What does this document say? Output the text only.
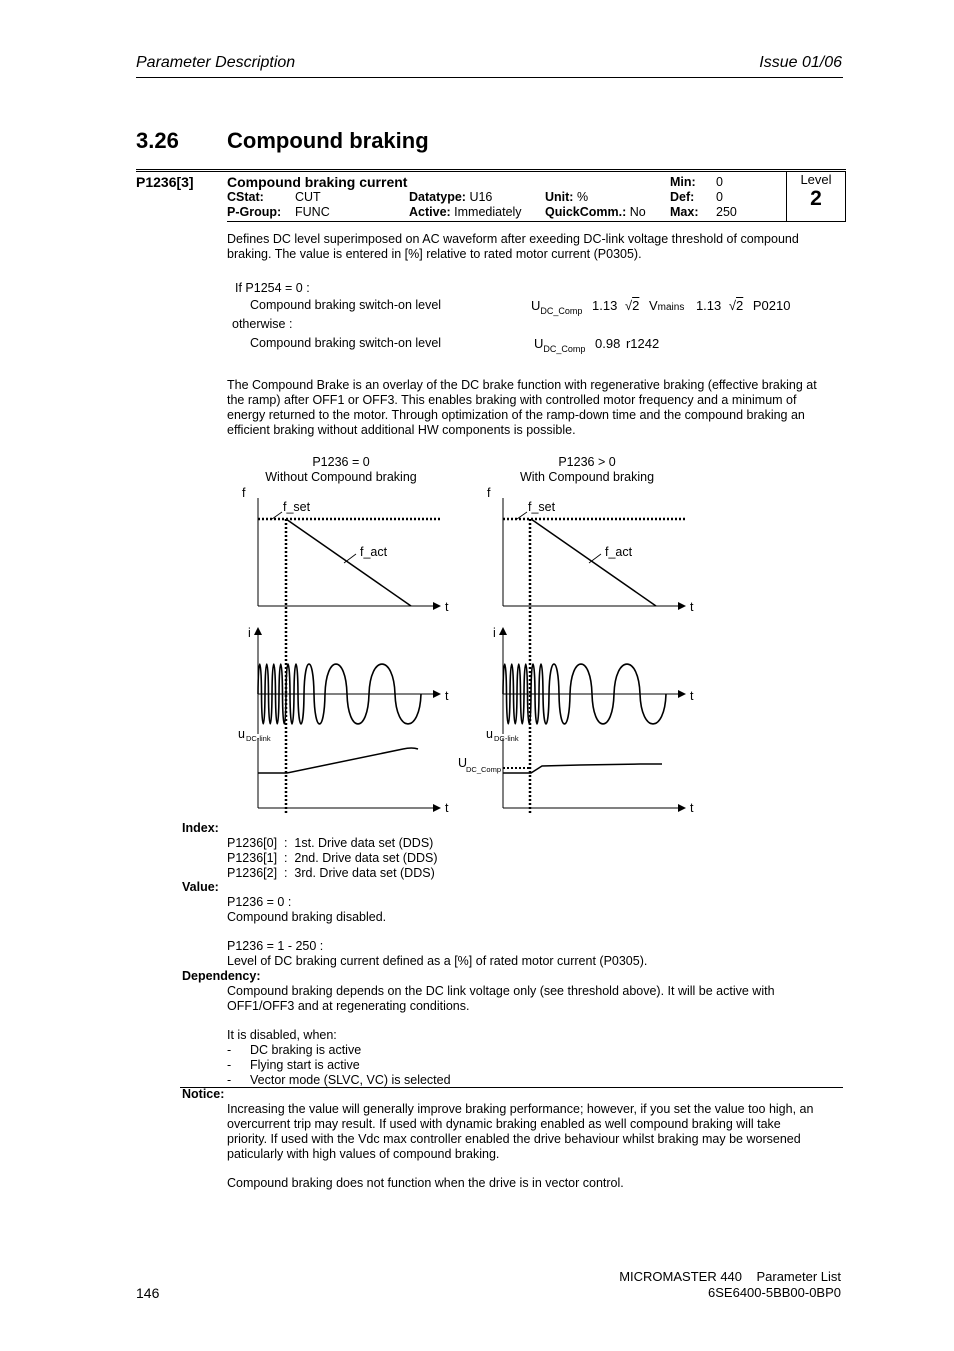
Parameter Description	Issue 01/06
3.26 Compound braking
P1236[3] Compound braking current
CStat: CUT
P-Group: FUNC
Datatype: U16
Active: Immediately
Unit: %
QuickComm.: No
Min: 0
Def: 0
Max: 250
Level
2
Defines DC level superimposed on AC waveform after exeeding DC-link voltage threshold of compound
braking. The value is entered in [%] relative to rated motor current (P0305).
If P1254 = 0 :
Compound braking switch-on level
otherwise :
Compound braking switch-on level
$U_{DC\_Comp}$ 1.13 √2 Vmains 1.13 √2 P0210
$U_{DC\_Comp}$ 0.98 r1242
The Compound Brake is an overlay of the DC brake function with regenerative braking (effective braking at
the ramp) after OFF1 or OFF3. This enables braking with controlled motor frequency and a minimum of
energy returned to the motor. Through optimization of the ramp-down time and the compound braking an
efficient braking without additional HW components is possible.
P1236 = 0
Without Compound braking
P1236 > 0
With Compound braking
f
f_set
f_act
t
i
t
u DC-link
t
f
f_set
f_act
t
i
t
u DC-link
U
DC_Comp
t
Index:
P1236[0]  :  1st. Drive data set (DDS)
P1236[1]  :  2nd. Drive data set (DDS)
P1236[2]  :  3rd. Drive data set (DDS)
Value:
P1236 = 0 :
Compound braking disabled.
P1236 = 1 - 250 :
Level of DC braking current defined as a [%] of rated motor current (P0305).
Dependency:
Compound braking depends on the DC link voltage only (see threshold above). It will be active with
OFF1/OFF3 and at regenerating conditions.
It is disabled, when:
- DC braking is active
- Flying start is active
- Vector mode (SLVC, VC) is selected
Notice:
Increasing the value will generally improve braking performance; however, if you set the value too high, an
overcurrent trip may result. If used with dynamic braking enabled as well compound braking will take
priority. If used with the Vdc max controller enabled the drive behaviour whilst braking may be worsened
paticularly with high values of compound braking.
Compound braking does not function when the drive is in vector control.
146
MICROMASTER 440    Parameter List
6SE6400-5BB00-0BP0
